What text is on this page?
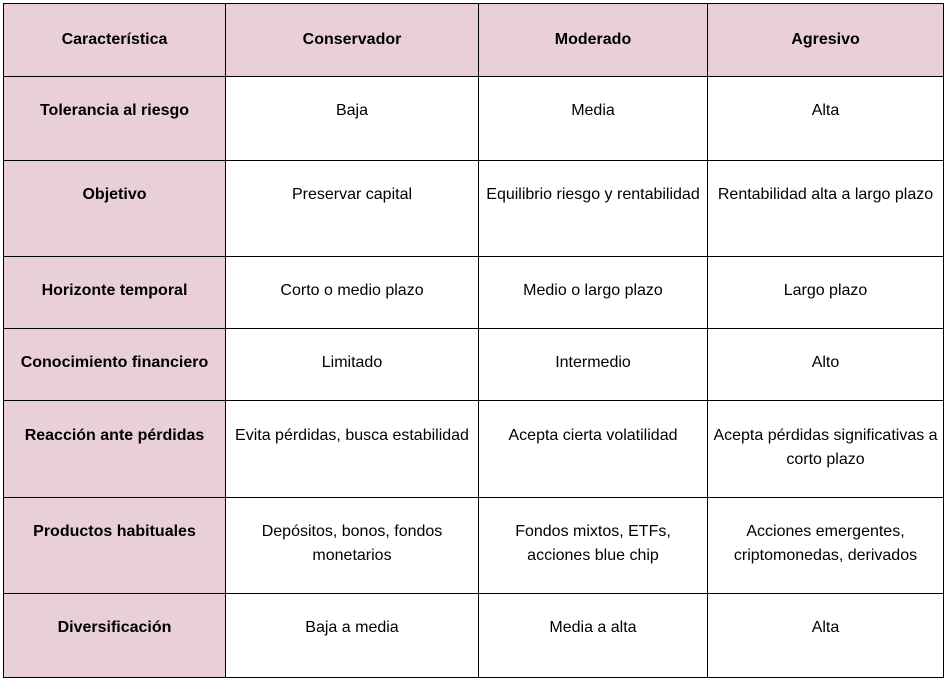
Característica	Conservador	Moderado	Agresivo

Tolerancia al riesgo	Baja	Media	Alta

Objetivo	Preservar capital	Equilibrio riesgo y rentabilidad	Rentabilidad alta a largo plazo

Horizonte temporal	Corto o medio plazo	Medio o largo plazo	Largo plazo

Conocimiento financiero	Limitado	Intermedio	Alto

Reacción ante pérdidas	Evita pérdidas, busca estabilidad	Acepta cierta volatilidad	Acepta pérdidas significativas a corto plazo

Productos habituales	Depósitos, bonos, fondos monetarios	Fondos mixtos, ETFs, acciones blue chip	Acciones emergentes, criptomonedas, derivados

Diversificación	Baja a media	Media a alta	Alta
